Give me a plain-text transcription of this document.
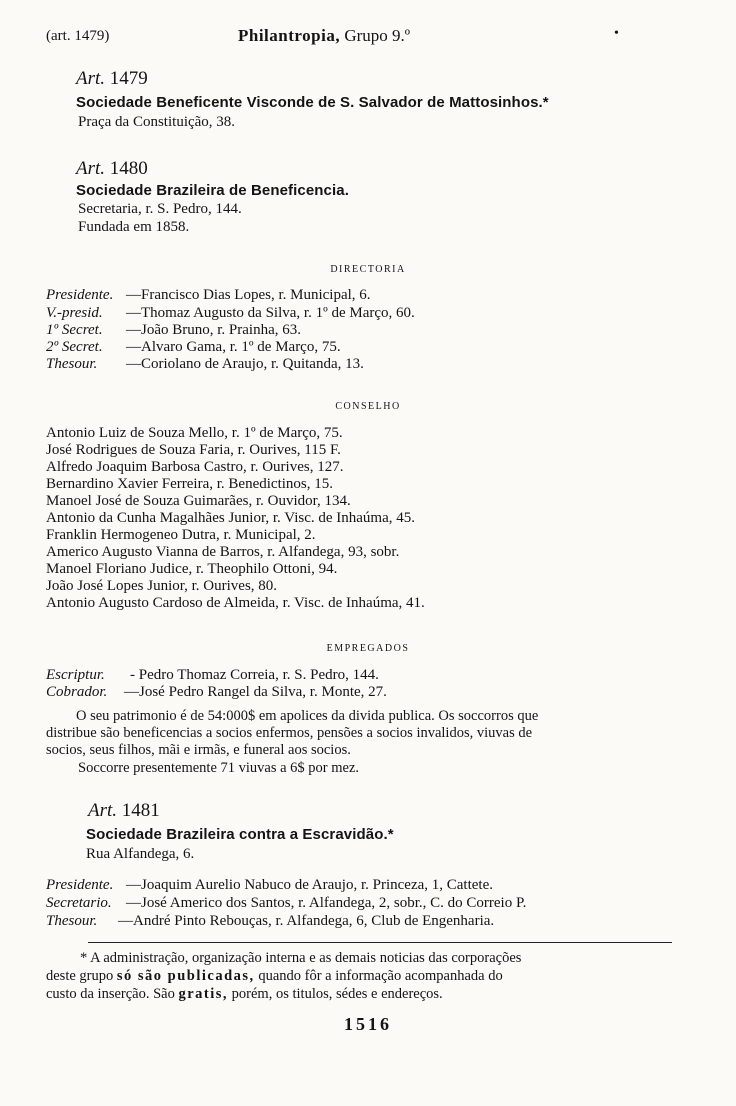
(art. 1479)	Philantropia, Grupo 9.º	•
Art. 1479
Sociedade Beneficente Visconde de S. Salvador de Mattosinhos.*
Praça da Constituição, 38.
Art. 1480
Sociedade Brazileira de Beneficencia.
Secretaria, r. S. Pedro, 144.
Fundada em 1858.
DIRECTORIA
Presidente. —Francisco Dias Lopes, r. Municipal, 6.
V.-presid. —Thomaz Augusto da Silva, r. 1º de Março, 60.
1º Secret. —João Bruno, r. Prainha, 63.
2º Secret. —Alvaro Gama, r. 1º de Março, 75.
Thesour. —Coriolano de Araujo, r. Quitanda, 13.
CONSELHO
Antonio Luiz de Souza Mello, r. 1º de Março, 75.
José Rodrigues de Souza Faria, r. Ourives, 115 F.
Alfredo Joaquim Barbosa Castro, r. Ourives, 127.
Bernardino Xavier Ferreira, r. Benedictinos, 15.
Manoel José de Souza Guimarães, r. Ouvidor, 134.
Antonio da Cunha Magalhães Junior, r. Visc. de Inhaúma, 45.
Franklin Hermogeneo Dutra, r. Municipal, 2.
Americo Augusto Vianna de Barros, r. Alfandega, 93, sobr.
Manoel Floriano Judice, r. Theophilo Ottoni, 94.
João José Lopes Junior, r. Ourives, 80.
Antonio Augusto Cardoso de Almeida, r. Visc. de Inhaúma, 41.
EMPREGADOS
Escriptur. - Pedro Thomaz Correia, r. S. Pedro, 144.
Cobrador. —José Pedro Rangel da Silva, r. Monte, 27.
O seu patrimonio é de 54:000$ em apolices da divida publica. Os soccorros que
distribue são beneficencias a socios enfermos, pensões a socios invalidos, viuvas de
socios, seus filhos, mãi e irmãs, e funeral aos socios.
Soccorre presentemente 71 viuvas a 6$ por mez.
Art. 1481
Sociedade Brazileira contra a Escravidão.*
Rua Alfandega, 6.
Presidente. —Joaquim Aurelio Nabuco de Araujo, r. Princeza, 1, Cattete.
Secretario. —José Americo dos Santos, r. Alfandega, 2, sobr., C. do Correio P.
Thesour. —André Pinto Rebouças, r. Alfandega, 6, Club de Engenharia.
* A administração, organização interna e as demais noticias das corporações
deste grupo só são publicadas, quando fôr a informação acompanhada do
custo da inserção. São gratis, porém, os titulos, sédes e endereços.
1516
